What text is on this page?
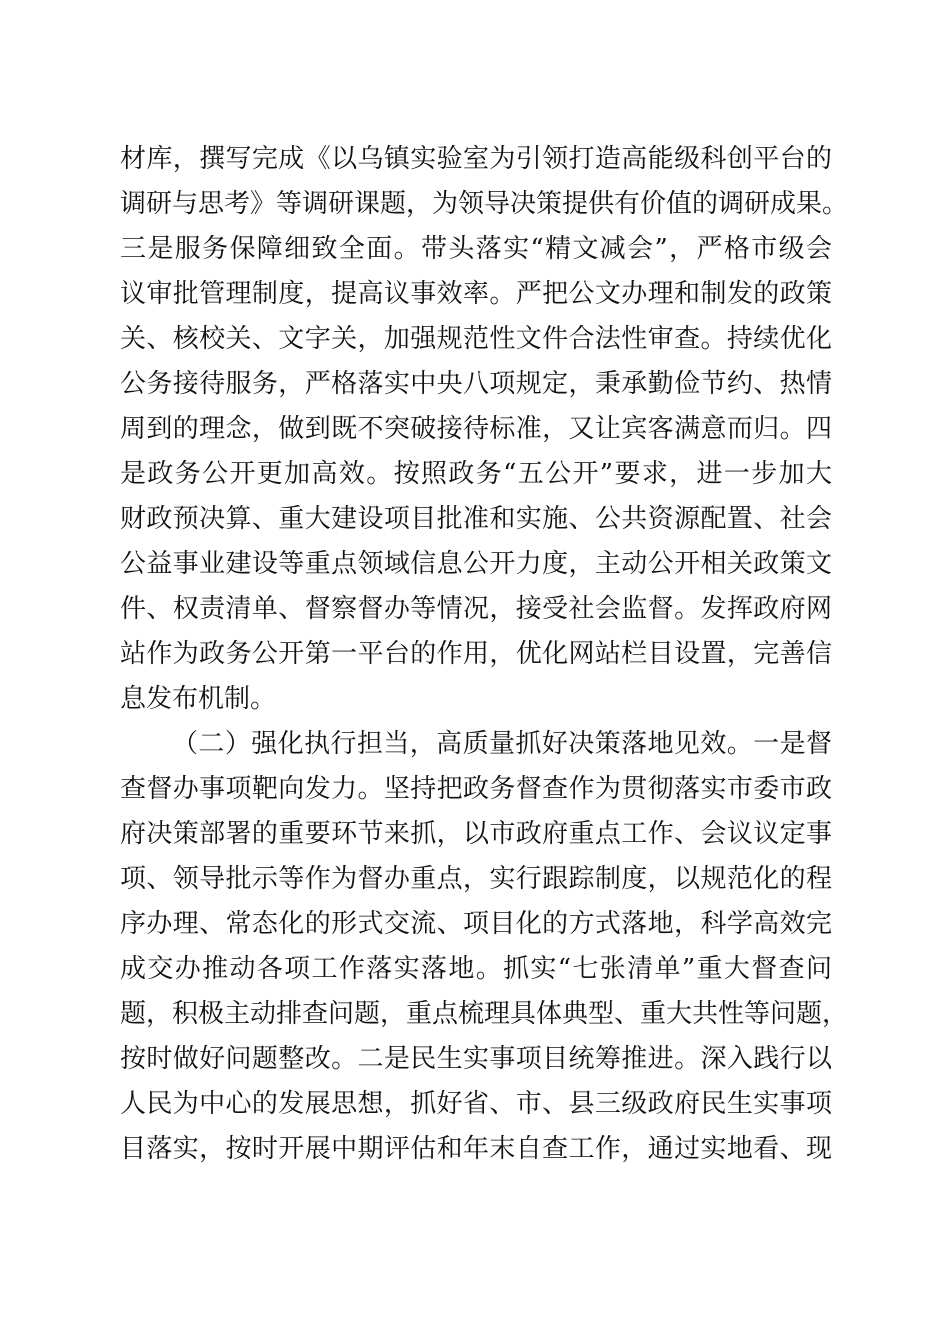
材库，撰写完成《以乌镇实验室为引领打造高能级科创平台的
调研与思考》等调研课题，为领导决策提供有价值的调研成果。
三是服务保障细致全面。带头落实“精文减会”，严格市级会
议审批管理制度，提高议事效率。严把公文办理和制发的政策
关、核校关、文字关，加强规范性文件合法性审查。持续优化
公务接待服务，严格落实中央八项规定，秉承勤俭节约、热情
周到的理念，做到既不突破接待标准，又让宾客满意而归。四
是政务公开更加高效。按照政务“五公开”要求，进一步加大
财政预决算、重大建设项目批准和实施、公共资源配置、社会
公益事业建设等重点领域信息公开力度，主动公开相关政策文
件、权责清单、督察督办等情况，接受社会监督。发挥政府网
站作为政务公开第一平台的作用，优化网站栏目设置，完善信
息发布机制。
（二）强化执行担当，高质量抓好决策落地见效。一是督
查督办事项靶向发力。坚持把政务督查作为贯彻落实市委市政
府决策部署的重要环节来抓，以市政府重点工作、会议议定事
项、领导批示等作为督办重点，实行跟踪制度，以规范化的程
序办理、常态化的形式交流、项目化的方式落地，科学高效完
成交办推动各项工作落实落地。抓实“七张清单”重大督查问
题，积极主动排查问题，重点梳理具体典型、重大共性等问题，
按时做好问题整改。二是民生实事项目统筹推进。深入践行以
人民为中心的发展思想，抓好省、市、县三级政府民生实事项
目落实，按时开展中期评估和年末自查工作，通过实地看、现
